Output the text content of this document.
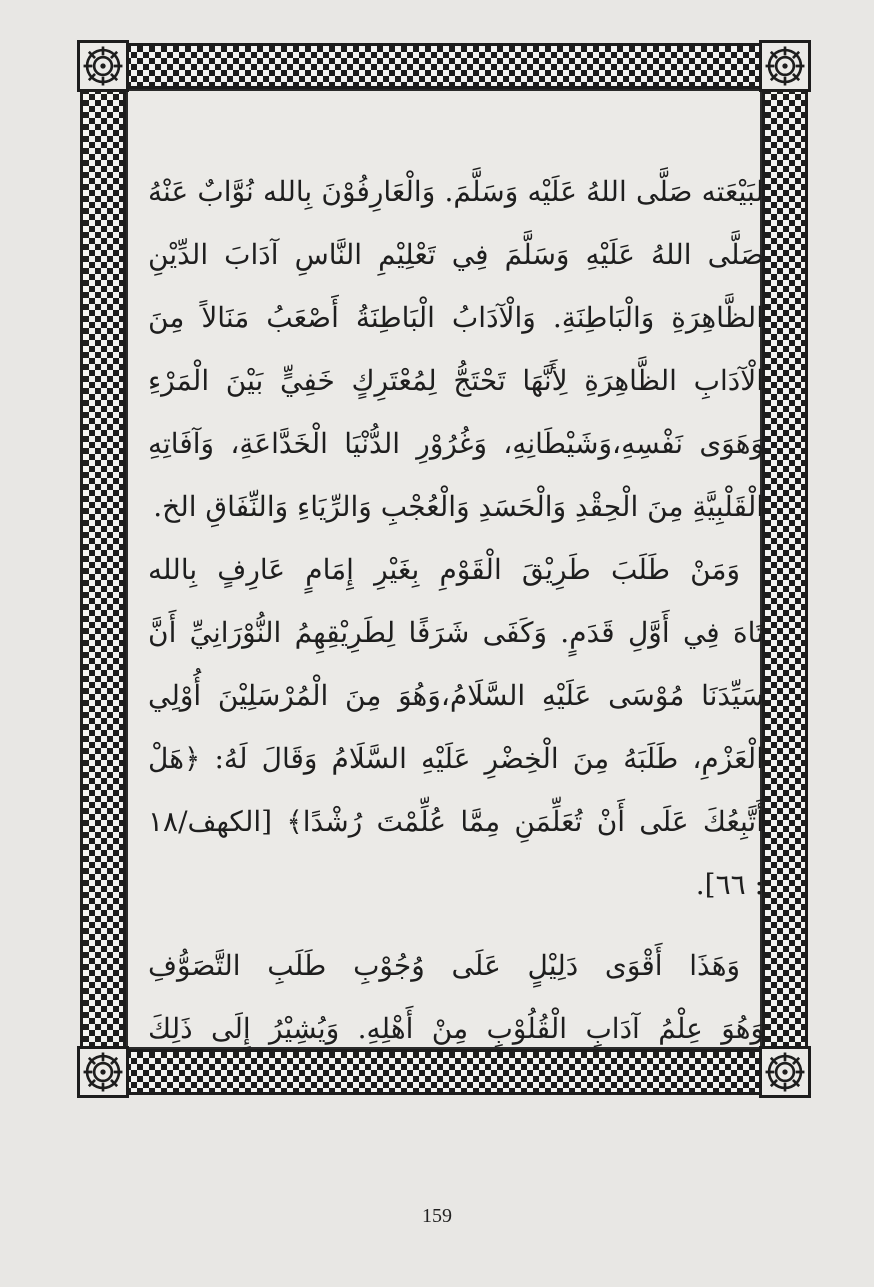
لبَيْعَته صَلَّى اللهُ عَلَيْه وَسَلَّمَ. وَالْعَارِفُوْنَ بِالله نُوَّابٌ عَنْهُ

صَلَّى اللهُ عَلَيْهِ وَسَلَّمَ فِي تَعْلِيْمِ النَّاسِ آدَابَ الدِّيْنِ

الظَّاهِرَةِ وَالْبَاطِنَةِ. وَالْآدَابُ الْبَاطِنَةُ أَصْعَبُ مَنَالاً مِنَ

الْآدَابِ الظَّاهِرَةِ لِأَنَّهَا تَحْتَجُّ لِمُعْتَرِكٍ خَفِيٍّ بَيْنَ الْمَرْءِ

وَهَوَى نَفْسِهِ،وَشَيْطَانِهِ، وَغُرُوْرِ الدُّنْيَا الْخَدَّاعَةِ، وَآفَاتِهِ

الْقَلْبِيَّةِ مِنَ الْحِقْدِ وَالْحَسَدِ وَالْعُجْبِ وَالرِّيَاءِ وَالنِّفَاقِ الخ.

وَمَنْ طَلَبَ طَرِيْقَ الْقَوْمِ بِغَيْرِ إِمَامٍ عَارِفٍ بِالله

تَاهَ فِي أَوَّلِ قَدَمٍ. وَكَفَى شَرَفًا لِطَرِيْقِهِمُ النُّوْرَانِيِّ أَنَّ

سَيِّدَنَا مُوْسَى عَلَيْهِ السَّلَامُ،وَهُوَ مِنَ الْمُرْسَلِيْنَ أُوْلِي

الْعَزْمِ، طَلَبَهُ مِنَ الْخِضْرِ عَلَيْهِ السَّلَامُ وَقَالَ لَهُ: ﴿هَلْ

أَتَّبِعُكَ عَلَى أَنْ تُعَلِّمَنِ مِمَّا عُلِّمْتَ رُشْدًا﴾ [الكهف/١٨

: ٦٦].

وَهَذَا أَقْوَى دَلِيْلٍ عَلَى وُجُوْبِ طَلَبِ التَّصَوُّفِ

وَهُوَ عِلْمُ آدَابِ الْقُلُوْبِ مِنْ أَهْلِهِ. وَيُشِيْرُ إِلَى ذَلِكَ

159
